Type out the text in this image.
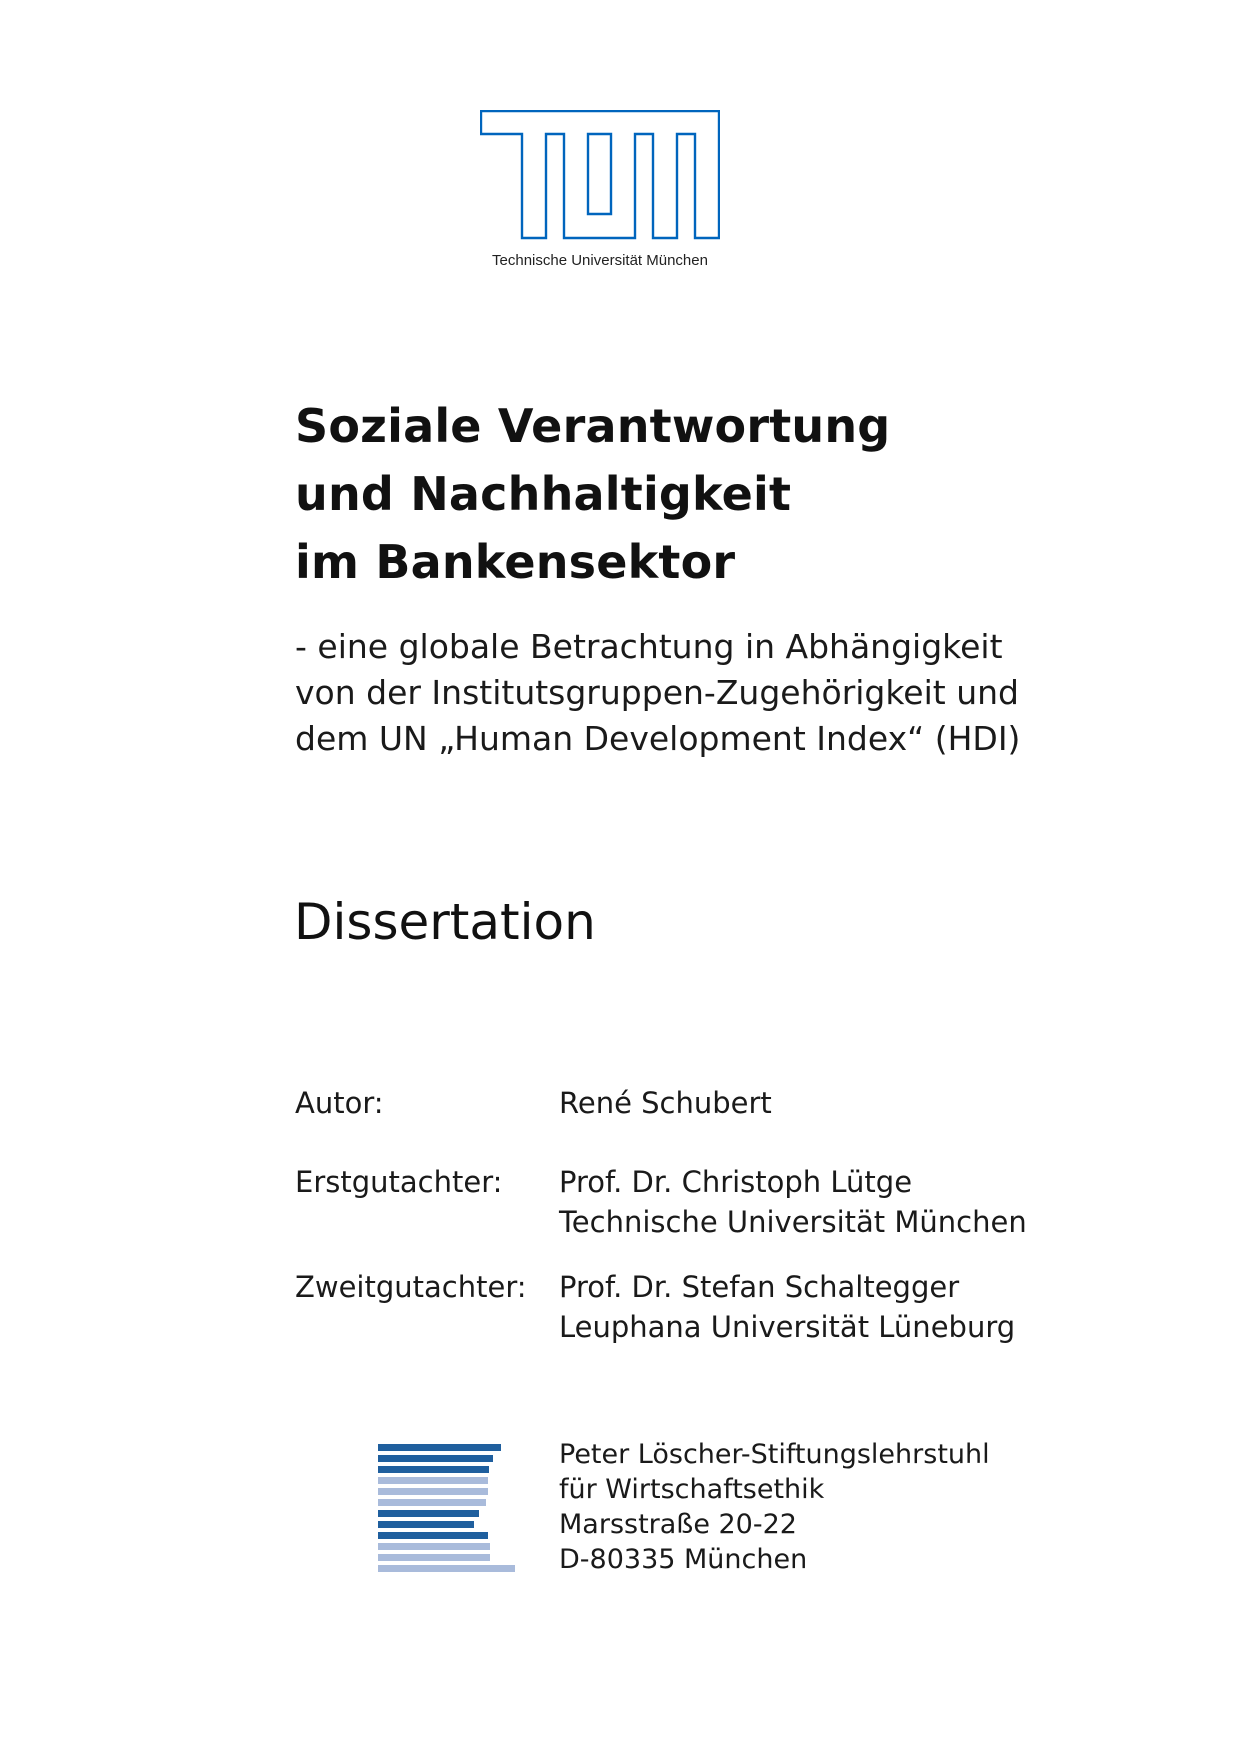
Technische Universität München
Soziale Verantwortung
und Nachhaltigkeit
im Bankensektor
- eine globale Betrachtung in Abhängigkeit
von der Institutsgruppen-Zugehörigkeit und
dem UN „Human Development Index“ (HDI)
Dissertation
Autor:	René Schubert
Erstgutachter: Prof. Dr. Christoph Lütge
Technische Universität München
Zweitgutachter: Prof. Dr. Stefan Schaltegger
Leuphana Universität Lüneburg
Peter Löscher-Stiftungslehrstuhl
für Wirtschaftsethik
Marsstraße 20-22
D-80335 München
